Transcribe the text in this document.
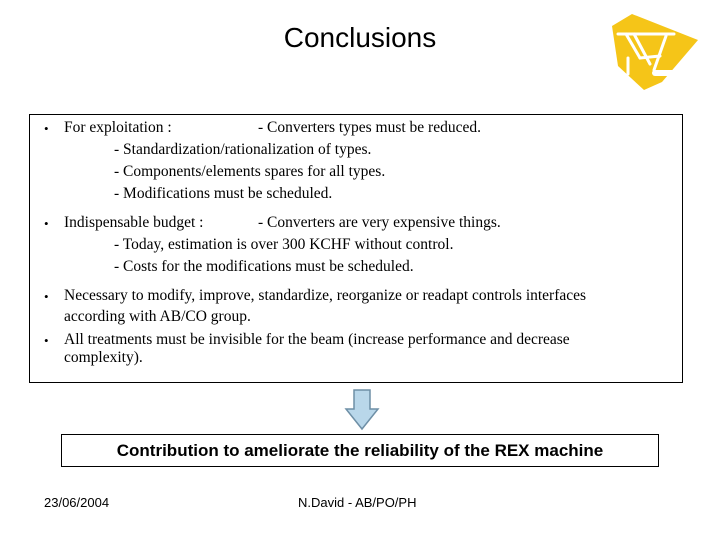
Conclusions
• For exploitation :	- Converters types must be reduced.
- Standardization/rationalization of types.
- Components/elements spares for all types.
- Modifications must be scheduled.
• Indispensable budget :	- Converters are very expensive things.
- Today, estimation is over 300 KCHF without control.
- Costs for the modifications must be scheduled.
• Necessary to modify, improve, standardize, reorganize or readapt controls interfaces
according with AB/CO group.
• All treatments must be invisible for the beam (increase performance and decrease
complexity).
Contribution to ameliorate the reliability of the REX machine
23/06/2004	N.David - AB/PO/PH
